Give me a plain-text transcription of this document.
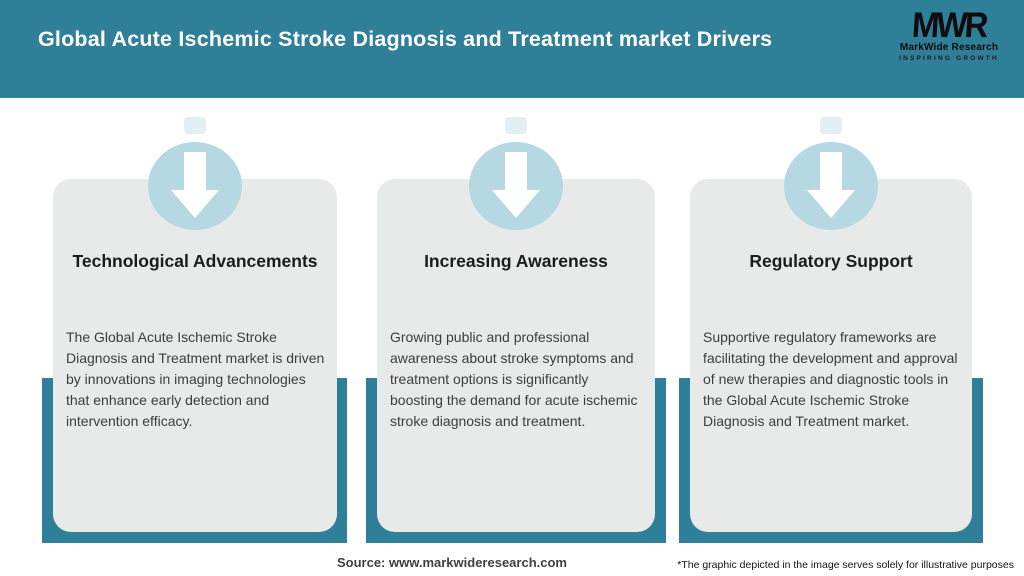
Global Acute Ischemic Stroke Diagnosis and Treatment market Drivers	MWR
MarkWide Research
INSPIRING GROWTH
Technological Advancements

The Global Acute Ischemic Stroke Diagnosis and Treatment market is driven by innovations in imaging technologies that enhance early detection and intervention efficacy.

Increasing Awareness

Growing public and professional awareness about stroke symptoms and treatment options is significantly boosting the demand for acute ischemic stroke diagnosis and treatment.

Regulatory Support

Supportive regulatory frameworks are facilitating the development and approval of new therapies and diagnostic tools in the Global Acute Ischemic Stroke Diagnosis and Treatment market.

Source: www.markwideresearch.com	*The graphic depicted in the image serves solely for illustrative purposes
